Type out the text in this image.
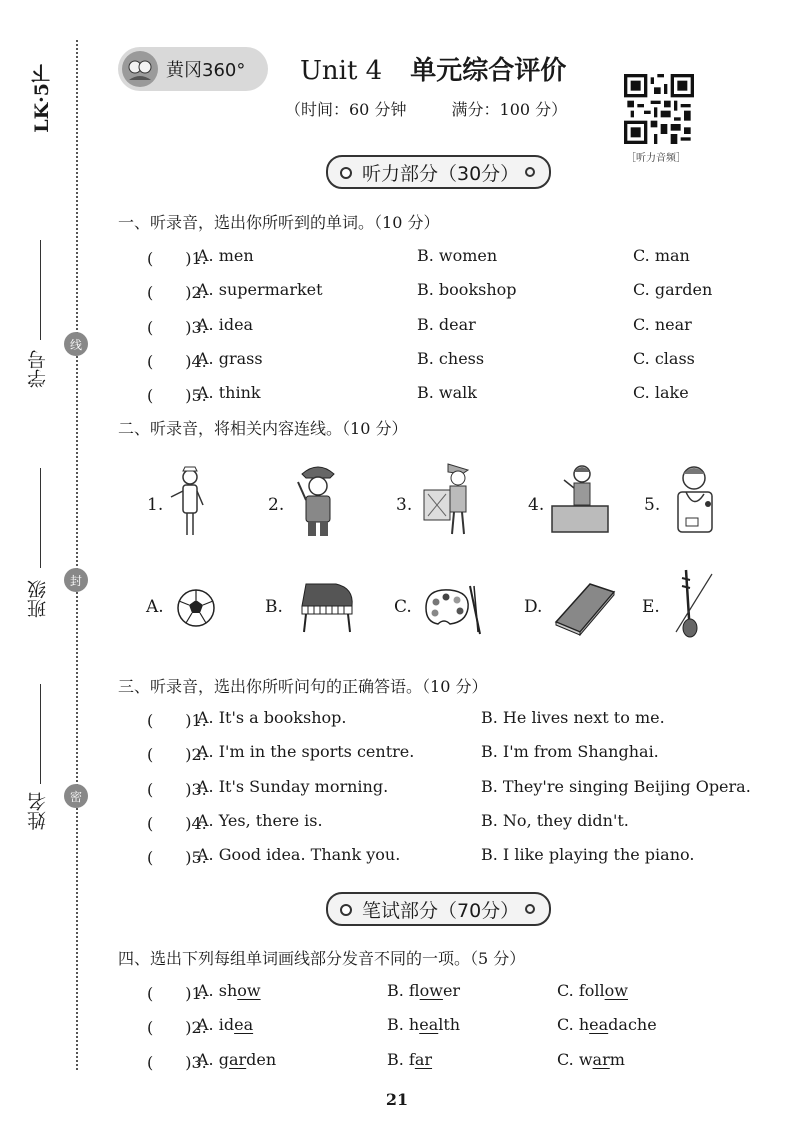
LK·5下
学号
线
班级	封
姓名	密
黄冈360° Unit 4 单元综合评价
（时间：60 分钟	满分：100 分）
［听力音频］
听力部分（30分）
一、听录音，选出你所听到的单词。（10 分）
(　　)1.
A. men	B. women	C. man
(　　)2.
A. supermarket	B. bookshop	C. garden
(　　)3.
A. idea	B. dear	C. near
(　　)4.
A. grass	B. chess	C. class
(　　)5.
A. think	B. walk	C. lake
二、听录音，将相关内容连线。（10 分）
1.	2.	3.	4.	5.
A.	B.	C.	D.	E.
三、听录音，选出你所听问句的正确答语。（10 分）
(　　)1.
A. It's a bookshop.	B. He lives next to me.
(　　)2.
A. I'm in the sports centre.	B. I'm from Shanghai.
(　　)3.
A. It's Sunday morning.	B. They're singing Beijing Opera.
(　　)4.
A. Yes, there is.	B. No, they didn't.
(　　)5.
A. Good idea. Thank you.	B. I like playing the piano.
笔试部分（70分）
四、选出下列每组单词画线部分发音不同的一项。（5 分）
(　　)1.
A. show	B. flower	C. follow
(　　)2.
A. idea	B. health	C. headache
(　　)3.
A. garden	B. far	C. warm
21
